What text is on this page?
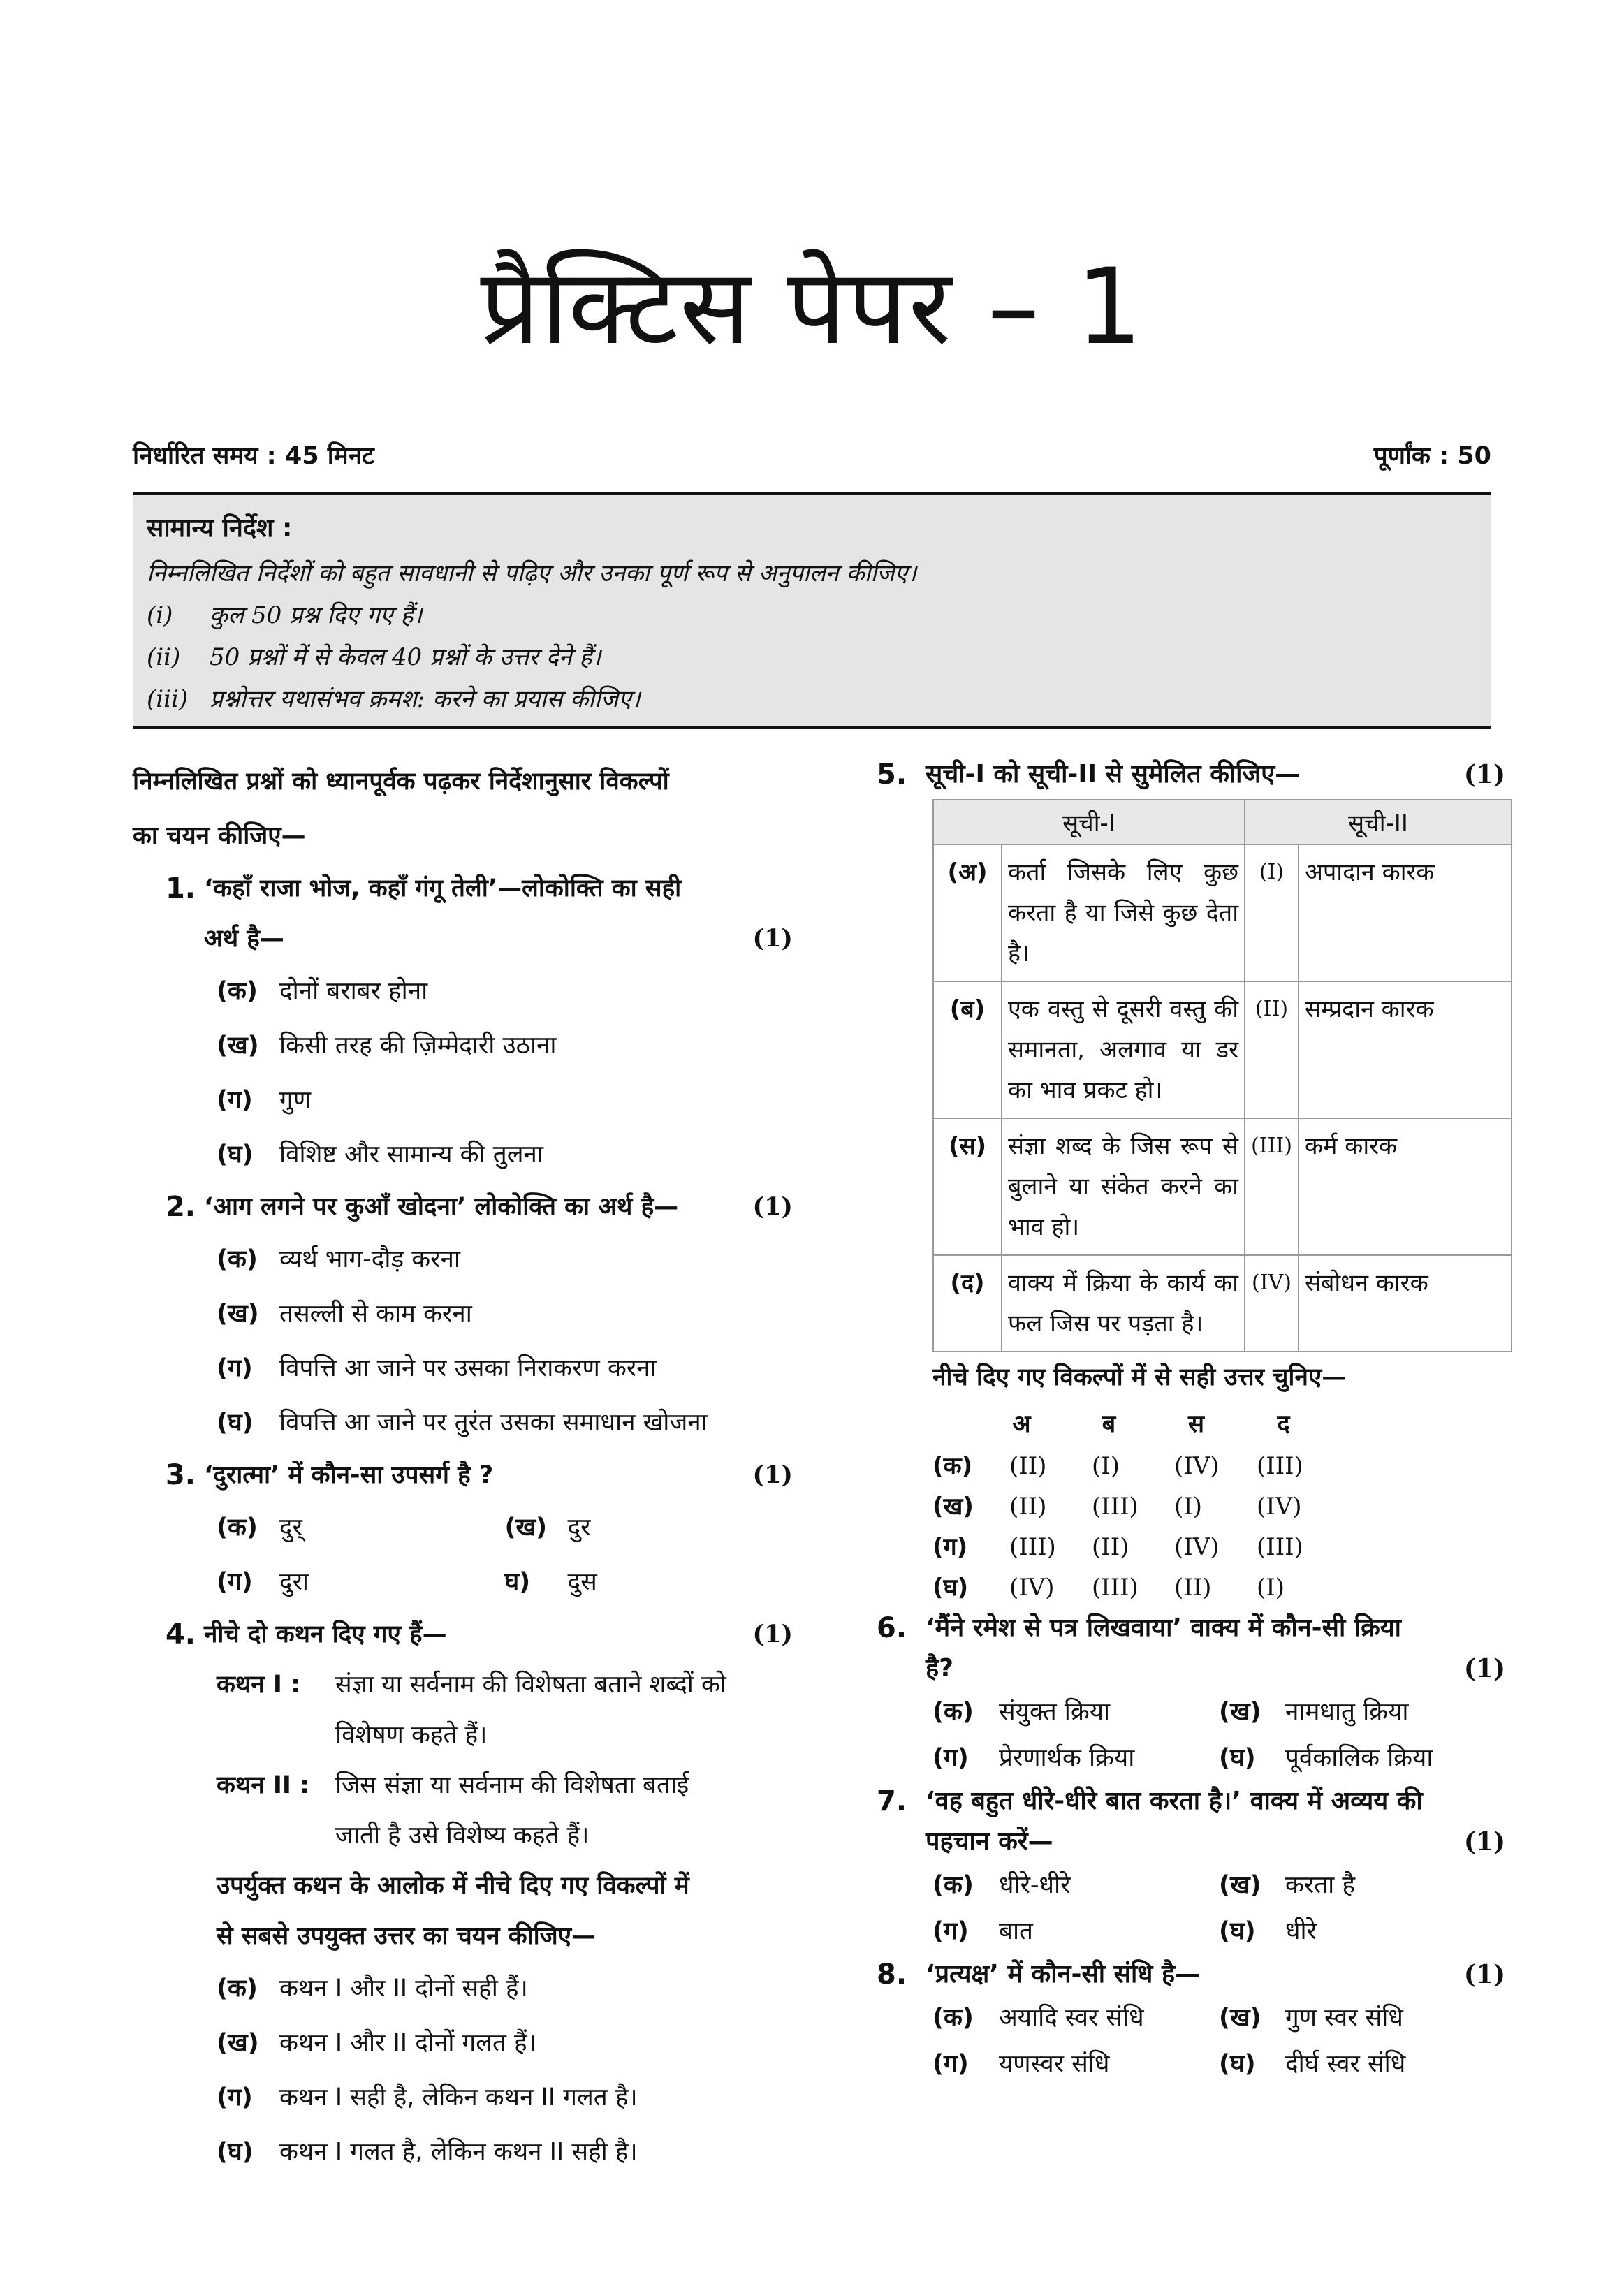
प्रैक्टिस पेपर – 1
निर्धारित समय : 45 मिनट	पूर्णांक : 50
सामान्य निर्देश :
निम्नलिखित निर्देशों को बहुत सावधानी से पढ़िए और उनका पूर्ण रूप से अनुपालन कीजिए।
(i) कुल 50 प्रश्न दिए गए हैं।
(ii) 50 प्रश्नों में से केवल 40 प्रश्नों के उत्तर देने हैं।
(iii) प्रश्नोत्तर यथासंभव क्रमश: करने का प्रयास कीजिए।
निम्नलिखित प्रश्नों को ध्यानपूर्वक पढ़कर निर्देशानुसार विकल्पों
का चयन कीजिए—
1. ‘कहाँ राजा भोज, कहाँ गंगू तेली’—लोकोक्ति का सही
अर्थ है—	(1)
(क) दोनों बराबर होना
(ख) किसी तरह की ज़िम्मेदारी उठाना
(ग)	गुण
(घ)	विशिष्ट और सामान्य की तुलना
2. ‘आग लगने पर कुआँ खोदना’ लोकोक्ति का अर्थ है—	(1)
(क) व्यर्थ भाग-दौड़ करना
(ख) तसल्ली से काम करना
(ग)	विपत्ति आ जाने पर उसका निराकरण करना
(घ)	विपत्ति आ जाने पर तुरंत उसका समाधान खोजना
3. ‘दुरात्मा’ में कौन-सा उपसर्ग है ?	(1)
(क) दुर्	(ख) दुर
(ग)	दुरा	घ)	दुस
4. नीचे दो कथन दिए गए हैं—	(1)
कथन I :	संज्ञा या सर्वनाम की विशेषता बताने शब्दों को
विशेषण कहते हैं।
कथन II :	जिस संज्ञा या सर्वनाम की विशेषता बताई
जाती है उसे विशेष्य कहते हैं।
उपर्युक्त कथन के आलोक में नीचे दिए गए विकल्पों में
से सबसे उपयुक्त उत्तर का चयन कीजिए—
(क) कथन I और II दोनों सही हैं।
(ख) कथन I और II दोनों गलत हैं।
(ग)	कथन I सही है, लेकिन कथन II गलत है।
(घ)	कथन I गलत है, लेकिन कथन II सही है।
5. सूची-I को सूची-II से सुमेलित कीजिए—	(1)
सूची-I		सूची-II	
(अ)	कर्ता जिसके लिए कुछ करता है या जिसे कुछ देता है।	(I)	अपादान कारक
(ब)	एक वस्तु से दूसरी वस्तु की समानता, अलगाव या डर का भाव प्रकट हो।	(II)	सम्प्रदान कारक
(स)	संज्ञा शब्द के जिस रूप से बुलाने या संकेत करने का भाव हो।	(III)	कर्म कारक
(द)	वाक्य में क्रिया के कार्य का फल जिस पर पड़ता है।	(IV)	संबोधन कारक
नीचे दिए गए विकल्पों में से सही उत्तर चुनिए—
अ	ब	स	द
(क)	(II)	(I)	(IV)	(III)
(ख)	(II)	(III)	(I)	(IV)
(ग)	(III)	(II)	(IV)	(III)
(घ)	(IV)	(III)	(II)	(I)
6. ‘मैंने रमेश से पत्र लिखवाया’ वाक्य में कौन-सी क्रिया
है?	(1)
(क)	संयुक्त क्रिया	(ख) नामधातु क्रिया
(ग)	प्रेरणार्थक क्रिया	(घ)	पूर्वकालिक क्रिया
7. ‘वह बहुत धीरे-धीरे बात करता है।’ वाक्य में अव्यय की
पहचान करें—	(1)
(क)	धीरे-धीरे	(ख) करता है
(ग)	बात	(घ)	धीरे
8. ‘प्रत्यक्ष’ में कौन-सी संधि है—	(1)
(क)	अयादि स्वर संधि	(ख) गुण स्वर संधि
(ग)	यणस्वर संधि	(घ)	दीर्घ स्वर संधि
